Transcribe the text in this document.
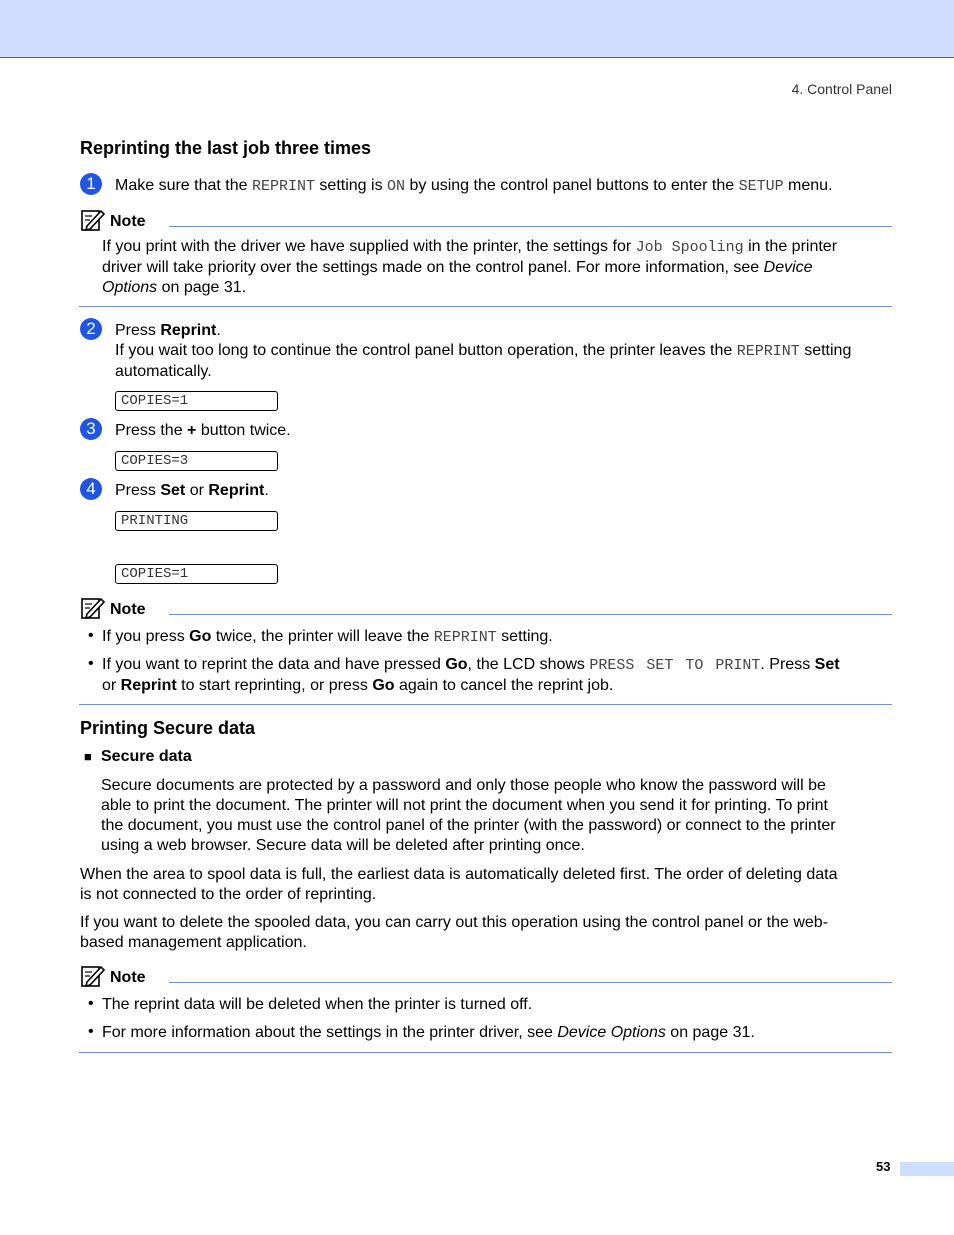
4. Control Panel
Reprinting the last job three times
1	Make sure that the REPRINT setting is ON by using the control panel buttons to enter the SETUP menu.
Note
If you print with the driver we have supplied with the printer, the settings for Job Spooling in the printer
driver will take priority over the settings made on the control panel. For more information, see Device
Options on page 31.
2	Press Reprint.
If you wait too long to continue the control panel button operation, the printer leaves the REPRINT setting
automatically.
COPIES=1
3	Press the + button twice.
COPIES=3
4	Press Set or Reprint.
PRINTING
COPIES=1
Note
• If you press Go twice, the printer will leave the REPRINT setting.
• If you want to reprint the data and have pressed Go, the LCD shows PRESS SET TO PRINT. Press Set
or Reprint to start reprinting, or press Go again to cancel the reprint job.
Printing Secure data
■ Secure data
Secure documents are protected by a password and only those people who know the password will be
able to print the document. The printer will not print the document when you send it for printing. To print
the document, you must use the control panel of the printer (with the password) or connect to the printer
using a web browser. Secure data will be deleted after printing once.
When the area to spool data is full, the earliest data is automatically deleted first. The order of deleting data
is not connected to the order of reprinting.
If you want to delete the spooled data, you can carry out this operation using the control panel or the web-
based management application.
Note
• The reprint data will be deleted when the printer is turned off.
• For more information about the settings in the printer driver, see Device Options on page 31.
53
